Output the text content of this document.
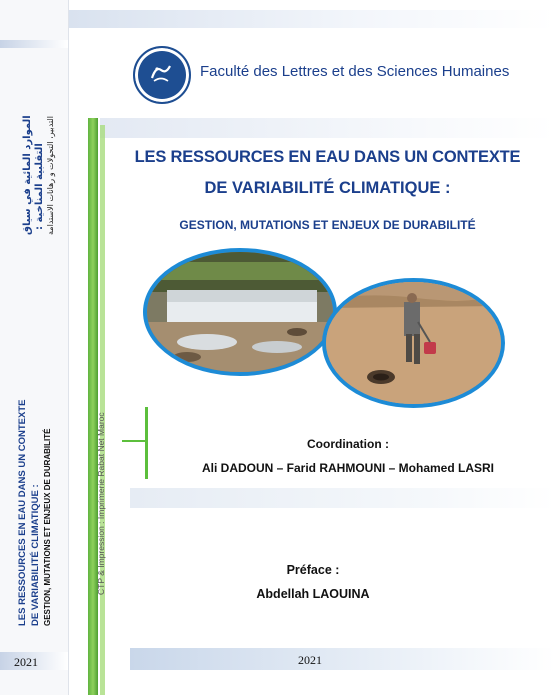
الموارد المائية في سياق التقلبية المناخية : التدبير، التحولات و رهانات الاستدامة
LES RESSOURCES EN EAU DANS UN CONTEXTE DE VARIABILITÉ CLIMATIQUE : GESTION, MUTATIONS ET ENJEUX DE DURABILITÉ
2021
CTP & Impression : Imprimerie Rabat Net Maroc
Faculté des Lettres et des Sciences Humaines
LES RESSOURCES EN EAU DANS UN CONTEXTE
DE VARIABILITÉ CLIMATIQUE :
GESTION, MUTATIONS ET ENJEUX DE DURABILITÉ
Coordination :
Ali DADOUN – Farid RAHMOUNI – Mohamed LASRI
Préface :
Abdellah LAOUINA
2021
